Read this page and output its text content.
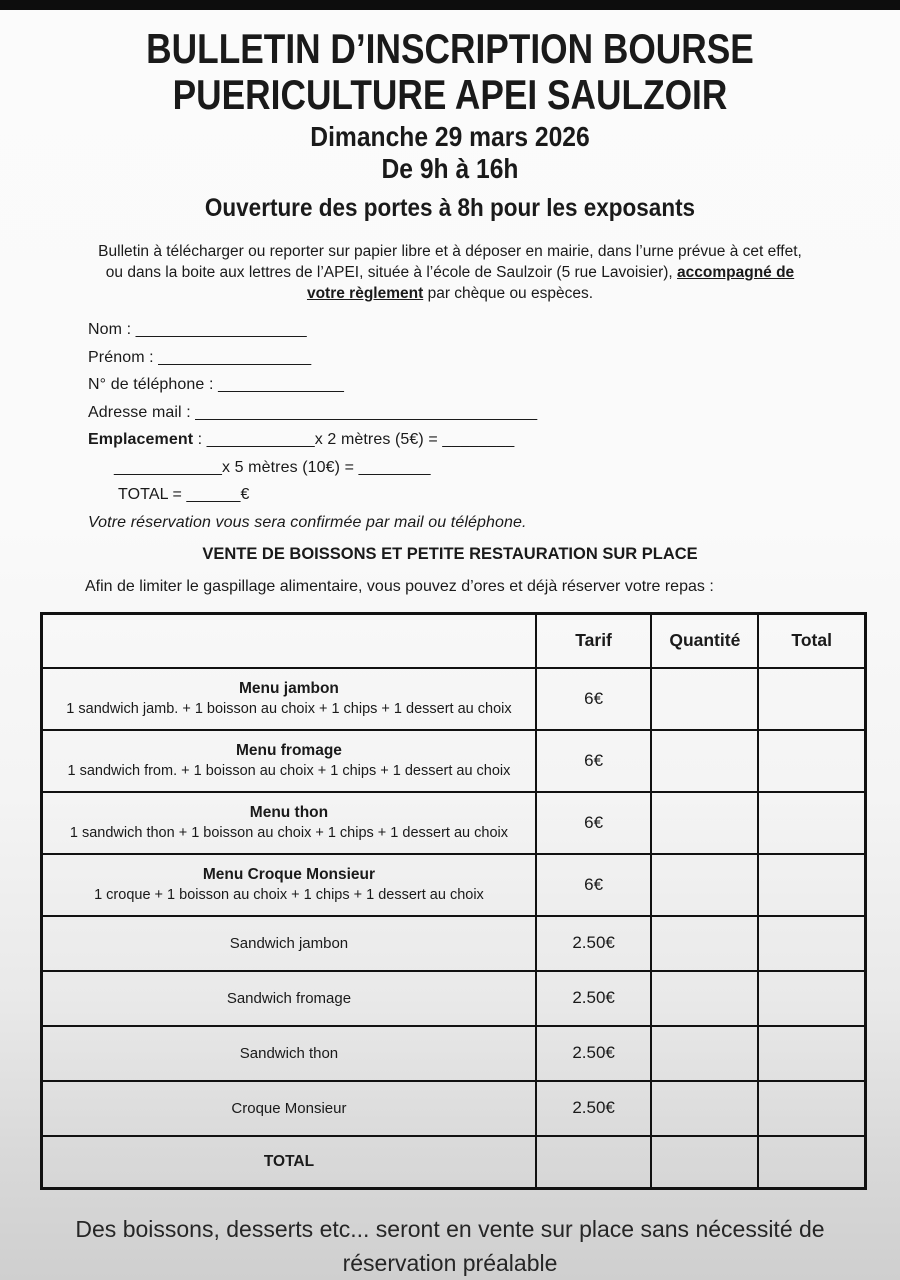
BULLETIN D’INSCRIPTION BOURSE
PUERICULTURE APEI SAULZOIR
Dimanche 29 mars 2026
De 9h à 16h
Ouverture des portes à 8h pour les exposants

Bulletin à télécharger ou reporter sur papier libre et à déposer en mairie, dans l’urne prévue à cet effet, ou dans la boite aux lettres de l’APEI, située à l’école de Saulzoir (5 rue Lavoisier), accompagné de votre règlement par chèque ou espèces.

Nom : ___________________
Prénom : _________________
N° de téléphone : ______________
Adresse mail : ______________________________________
Emplacement : ____________x 2 mètres (5€) = ________
____________x 5 mètres (10€) = ________
TOTAL = ______€
Votre réservation vous sera confirmée par mail ou téléphone.
VENTE DE BOISSONS ET PETITE RESTAURATION SUR PLACE
Afin de limiter le gaspillage alimentaire, vous pouvez d’ores et déjà réserver votre repas :
	Tarif	Quantité	Total

Menu jambon
1 sandwich jamb. + 1 boisson au choix + 1 chips + 1 dessert au choix	6€		

Menu fromage
1 sandwich from. + 1 boisson au choix + 1 chips + 1 dessert au choix	6€		

Menu thon
1 sandwich thon + 1 boisson au choix + 1 chips + 1 dessert au choix	6€		

Menu Croque Monsieur
1 croque + 1 boisson au choix + 1 chips + 1 dessert au choix	6€		
Sandwich jambon	2.50€		
Sandwich fromage	2.50€		
Sandwich thon	2.50€		
Croque Monsieur	2.50€		
TOTAL			
Des boissons, desserts etc... seront en vente sur place sans nécessité de réservation préalable
